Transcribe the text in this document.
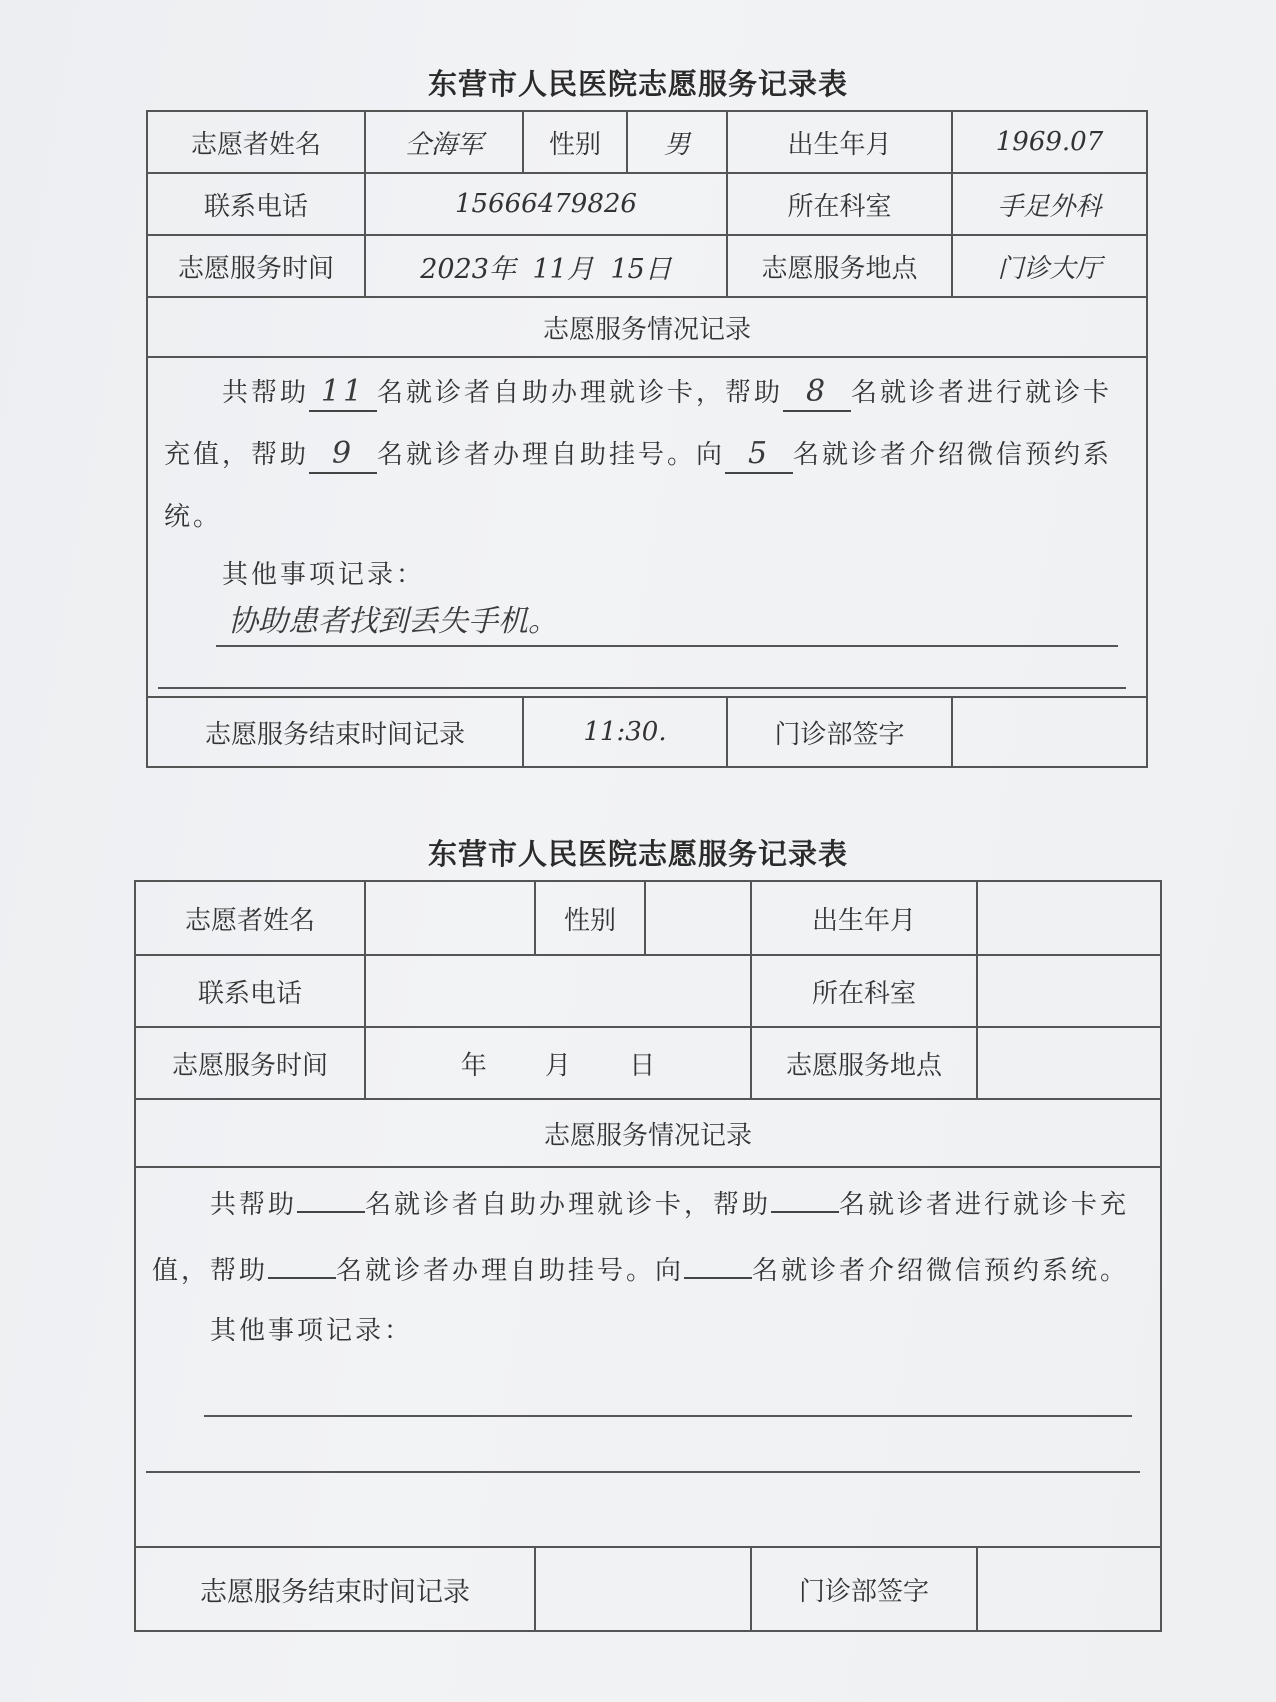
东营市人民医院志愿服务记录表
志愿者姓名	仝海军	性别	男	出生年月	1969.07
联系电话	15666479826			所在科室	手足外科
志愿服务时间	2023年 11月 15日			志愿服务地点	门诊大厅
志愿服务情况记录					

共帮助 11 名就诊者自助办理就诊卡，帮助 8 名就诊者进行就诊卡充值，帮助 9 名就诊者办理自助挂号。向 5 名就诊者介绍微信预约系统。
其他事项记录：
协助患者找到丢失手机。					

志愿服务结束时间记录		11:30.		门诊部签字	
东营市人民医院志愿服务记录表
志愿者姓名		性别		出生年月	
联系电话				所在科室	
志愿服务时间	年 月 日			志愿服务地点	
志愿服务情况记录					

共帮助 名就诊者自助办理就诊卡，帮助 名就诊者进行就诊卡充值，帮助 名就诊者办理自助挂号。向 名就诊者介绍微信预约系统。
其他事项记录：					

志愿服务结束时间记录				门诊部签字	
